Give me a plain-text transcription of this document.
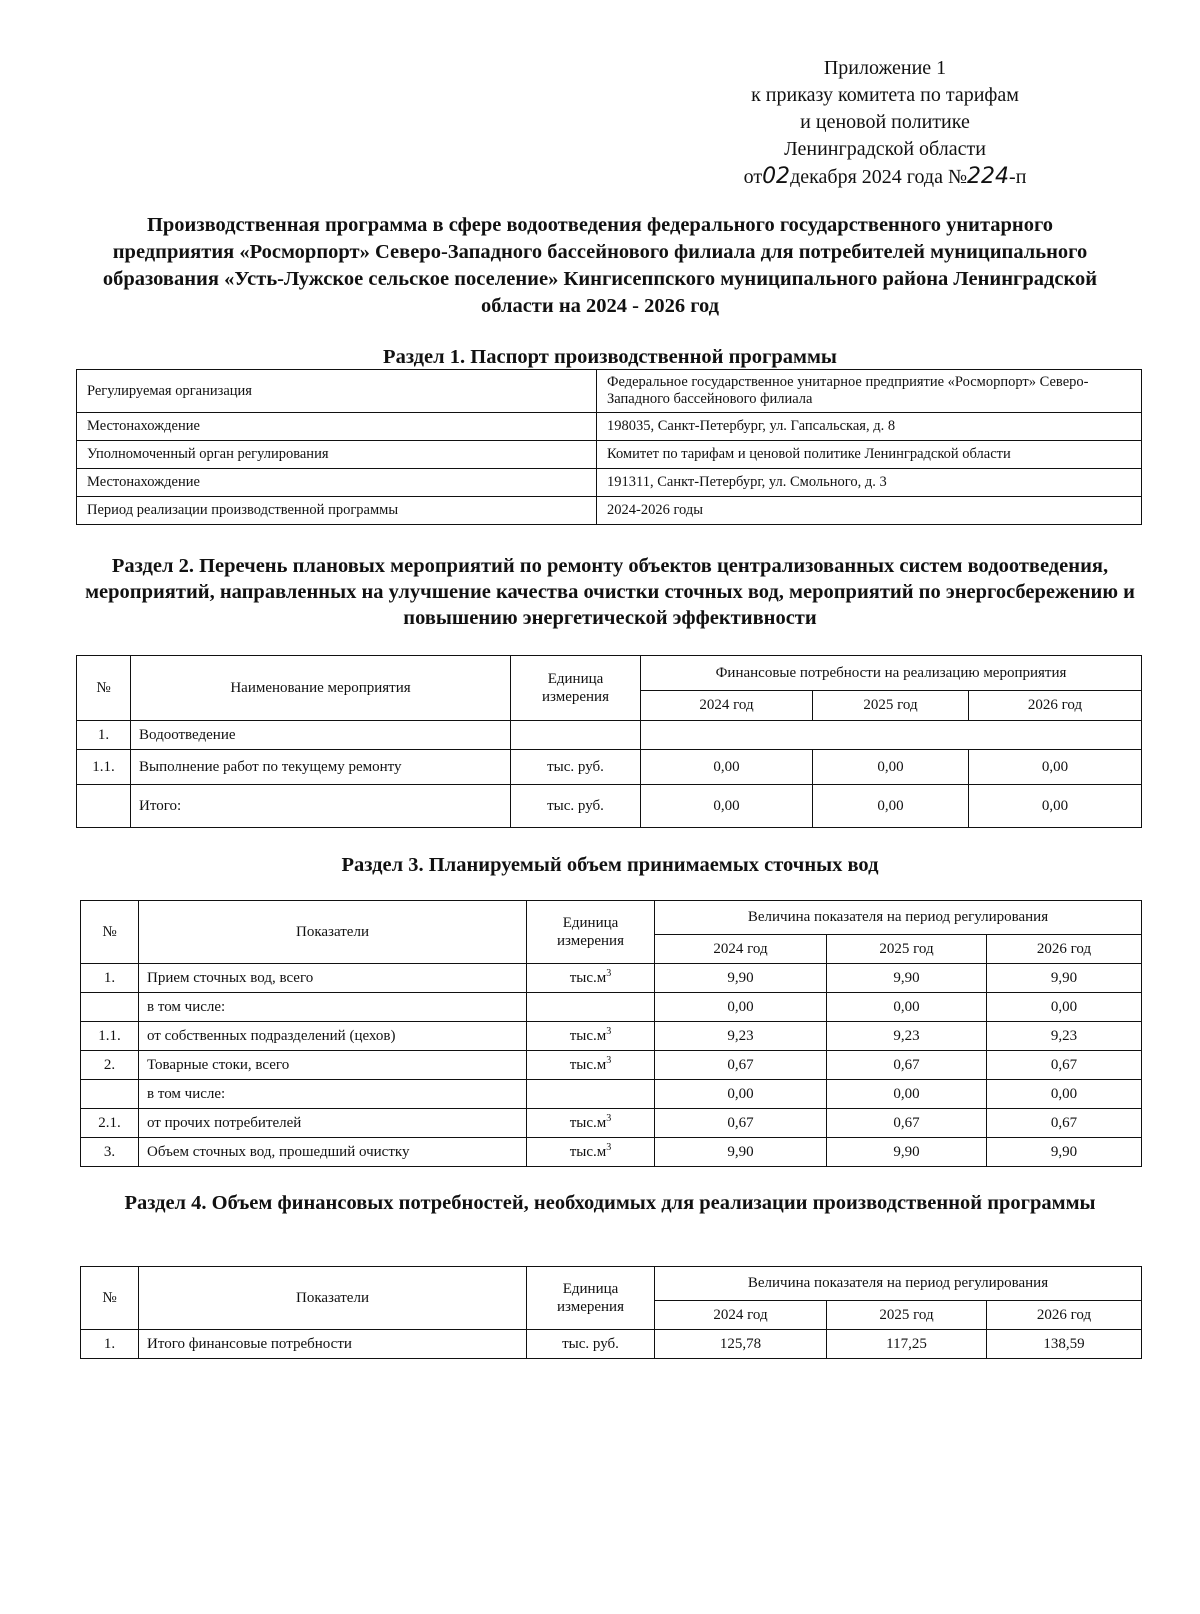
Приложение 1
к приказу комитета по тарифам
и ценовой политике
Ленинградской области
от02декабря 2024 года №224-п
Производственная программа в сфере водоотведения федерального государственного унитарного предприятия «Росморпорт» Северо-Западного бассейнового филиала для потребителей муниципального образования «Усть-Лужское сельское поселение» Кингисеппского муниципального района Ленинградской области на 2024 - 2026 год
Раздел 1. Паспорт производственной программы
Регулируемая организация	Федеральное государственное унитарное предприятие «Росморпорт» Северо-Западного бассейнового филиала
Местонахождение	198035, Санкт-Петербург, ул. Гапсальская, д. 8
Уполномоченный орган регулирования	Комитет по тарифам и ценовой политике Ленинградской области
Местонахождение	191311, Санкт-Петербург, ул. Смольного, д. 3
Период реализации производственной программы	2024-2026 годы
Раздел 2. Перечень плановых мероприятий по ремонту объектов централизованных систем водоотведения, мероприятий, направленных на улучшение качества очистки сточных вод, мероприятий по энергосбережению и повышению энергетической эффективности
№	Наименование мероприятия	Единица измерения	Финансовые потребности на реализацию мероприятия		
			2024 год	2025 год	2026 год
1.	Водоотведение				
1.1.	Выполнение работ по текущему ремонту	тыс. руб.	0,00	0,00	0,00
	Итого:	тыс. руб.	0,00	0,00	0,00
Раздел 3. Планируемый объем принимаемых сточных вод
№	Показатели	Единица измерения	Величина показателя на период регулирования		
			2024 год	2025 год	2026 год
1.	Прием сточных вод, всего	$тыс.м^3$	9,90	9,90	9,90
	в том числе:		0,00	0,00	0,00
1.1.	от собственных подразделений (цехов)	$тыс.м^3$	9,23	9,23	9,23
2.	Товарные стоки, всего	$тыс.м^3$	0,67	0,67	0,67
	в том числе:		0,00	0,00	0,00
2.1.	от прочих потребителей	$тыс.м^3$	0,67	0,67	0,67
3.	Объем сточных вод, прошедший очистку	$тыс.м^3$	9,90	9,90	9,90
Раздел 4. Объем финансовых потребностей, необходимых для реализации производственной программы
№	Показатели	Единица измерения	Величина показателя на период регулирования		
			2024 год	2025 год	2026 год
1.	Итого финансовые потребности	тыс. руб.	125,78	117,25	138,59
